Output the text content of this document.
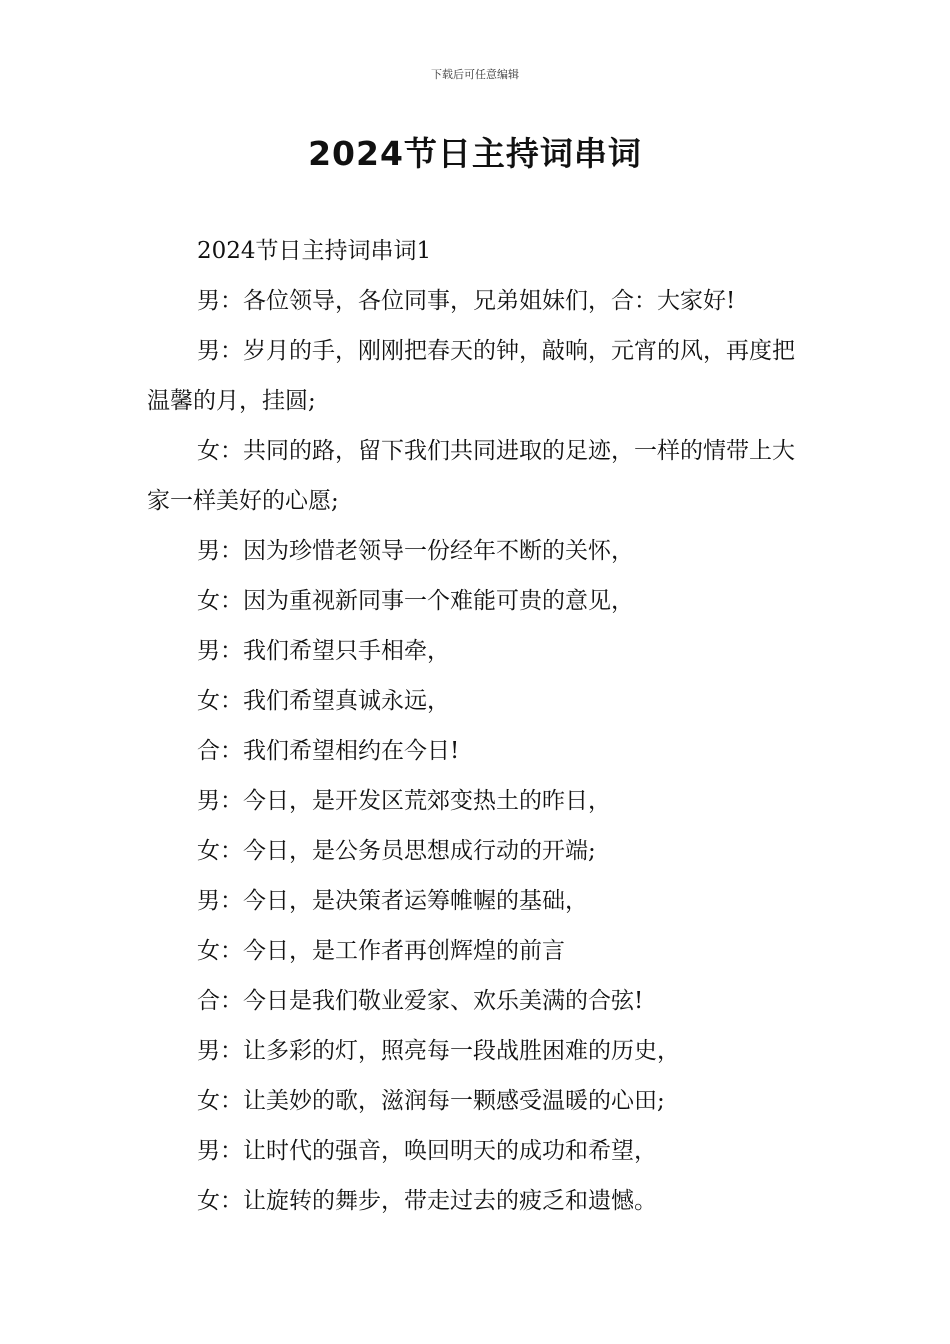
下载后可任意编辑
2024节日主持词串词

2024节日主持词串词1

男：各位领导，各位同事，兄弟姐妹们，合：大家好!

男：岁月的手，刚刚把春天的钟，敲响，元宵的风，再度把温馨的月，挂圆;

女：共同的路，留下我们共同进取的足迹，一样的情带上大家一样美好的心愿;

男：因为珍惜老领导一份经年不断的关怀，

女：因为重视新同事一个难能可贵的意见，

男：我们希望只手相牵，

女：我们希望真诚永远，

合：我们希望相约在今日!

男：今日，是开发区荒郊变热土的昨日，

女：今日，是公务员思想成行动的开端;

男：今日，是决策者运筹帷幄的基础，

女：今日，是工作者再创辉煌的前言

合：今日是我们敬业爱家、欢乐美满的合弦!

男：让多彩的灯，照亮每一段战胜困难的历史，

女：让美妙的歌，滋润每一颗感受温暖的心田;

男：让时代的强音，唤回明天的成功和希望，

女：让旋转的舞步，带走过去的疲乏和遗憾。
